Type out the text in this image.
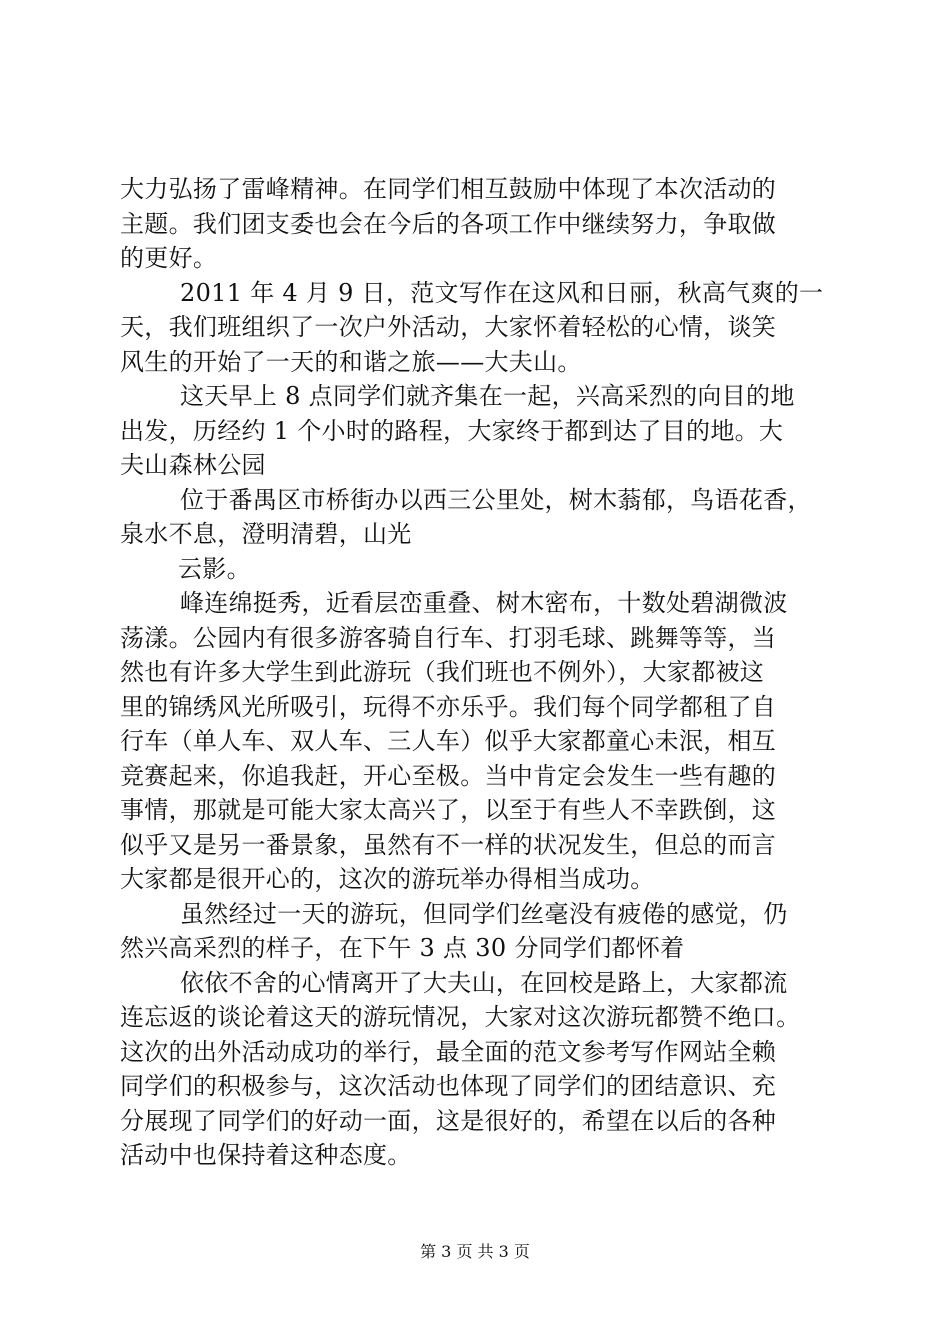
大力弘扬了雷峰精神。在同学们相互鼓励中体现了本次活动的
主题。我们团支委也会在今后的各项工作中继续努力，争取做
的更好。
2011 年 4 月 9 日，范文写作在这风和日丽，秋高气爽的一
天，我们班组织了一次户外活动，大家怀着轻松的心情，谈笑
风生的开始了一天的和谐之旅——大夫山。
这天早上 8 点同学们就齐集在一起，兴高采烈的向目的地
出发，历经约 1 个小时的路程，大家终于都到达了目的地。大
夫山森林公园
位于番禺区市桥街办以西三公里处，树木蓊郁，鸟语花香，
泉水不息，澄明清碧，山光
云影。
峰连绵挺秀，近看层峦重叠、树木密布，十数处碧湖微波
荡漾。公园内有很多游客骑自行车、打羽毛球、跳舞等等，当
然也有许多大学生到此游玩（我们班也不例外），大家都被这
里的锦绣风光所吸引，玩得不亦乐乎。我们每个同学都租了自
行车（单人车、双人车、三人车）似乎大家都童心未泯，相互
竞赛起来，你追我赶，开心至极。当中肯定会发生一些有趣的
事情，那就是可能大家太高兴了，以至于有些人不幸跌倒，这
似乎又是另一番景象，虽然有不一样的状况发生，但总的而言
大家都是很开心的，这次的游玩举办得相当成功。
虽然经过一天的游玩，但同学们丝毫没有疲倦的感觉，仍
然兴高采烈的样子，在下午 3 点 30 分同学们都怀着
依依不舍的心情离开了大夫山，在回校是路上，大家都流
连忘返的谈论着这天的游玩情况，大家对这次游玩都赞不绝口。
这次的出外活动成功的举行，最全面的范文参考写作网站全赖
同学们的积极参与，这次活动也体现了同学们的团结意识、充
分展现了同学们的好动一面，这是很好的，希望在以后的各种
活动中也保持着这种态度。
第 3 页 共 3 页
